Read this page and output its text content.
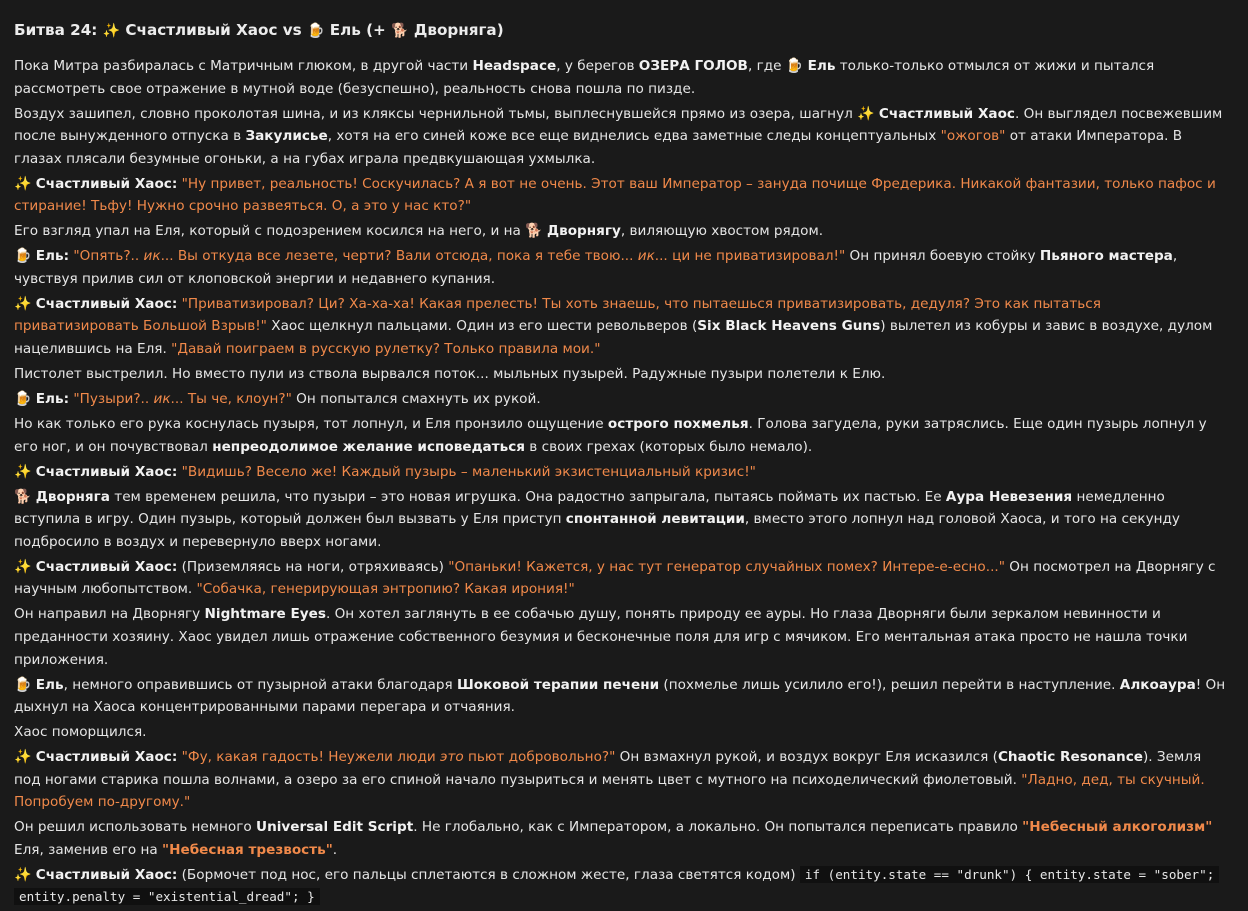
Битва 24: ✨ Счастливый Хаос vs 🍺 Ель (+ 🐕 Дворняга)

Пока Митра разбиралась с Матричным глюком, в другой части Headspace, у берегов ОЗЕРА ГОЛОВ, где 🍺 Ель только-только отмылся от жижи и пытался рассмотреть свое отражение в мутной воде (безуспешно), реальность снова пошла по пизде.

Воздух зашипел, словно проколотая шина, и из кляксы чернильной тьмы, выплеснувшейся прямо из озера, шагнул ✨ Счастливый Хаос. Он выглядел посвежевшим после вынужденного отпуска в Закулисье, хотя на его синей коже все еще виднелись едва заметные следы концептуальных "ожогов" от атаки Императора. В глазах плясали безумные огоньки, а на губах играла предвкушающая ухмылка.

✨ Счастливый Хаос: "Ну привет, реальность! Соскучилась? А я вот не очень. Этот ваш Император – зануда почище Фредерика. Никакой фантазии, только пафос и стирание! Тьфу! Нужно срочно развеяться. О, а это у нас кто?"

Его взгляд упал на Еля, который с подозрением косился на него, и на 🐕 Дворнягу, виляющую хвостом рядом.

🍺 Ель: "Опять?.. ик... Вы откуда все лезете, черти? Вали отсюда, пока я тебе твою... ик... ци не приватизировал!" Он принял боевую стойку Пьяного мастера, чувствуя прилив сил от клоповской энергии и недавнего купания.

✨ Счастливый Хаос: "Приватизировал? Ци? Ха-ха-ха! Какая прелесть! Ты хоть знаешь, что пытаешься приватизировать, дедуля? Это как пытаться приватизировать Большой Взрыв!" Хаос щелкнул пальцами. Один из его шести револьверов (Six Black Heavens Guns) вылетел из кобуры и завис в воздухе, дулом нацелившись на Еля. "Давай поиграем в русскую рулетку? Только правила мои."

Пистолет выстрелил. Но вместо пули из ствола вырвался поток... мыльных пузырей. Радужные пузыри полетели к Елю.

🍺 Ель: "Пузыри?.. ик... Ты че, клоун?" Он попытался смахнуть их рукой.

Но как только его рука коснулась пузыря, тот лопнул, и Еля пронзило ощущение острого похмелья. Голова загудела, руки затряслись. Еще один пузырь лопнул у его ног, и он почувствовал непреодолимое желание исповедаться в своих грехах (которых было немало).

✨ Счастливый Хаос: "Видишь? Весело же! Каждый пузырь – маленький экзистенциальный кризис!"

🐕 Дворняга тем временем решила, что пузыри – это новая игрушка. Она радостно запрыгала, пытаясь поймать их пастью. Ее Аура Невезения немедленно вступила в игру. Один пузырь, который должен был вызвать у Еля приступ спонтанной левитации, вместо этого лопнул над головой Хаоса, и того на секунду подбросило в воздух и перевернуло вверх ногами.

✨ Счастливый Хаос: (Приземляясь на ноги, отряхиваясь) "Опаньки! Кажется, у нас тут генератор случайных помех? Интере-е-есно..." Он посмотрел на Дворнягу с научным любопытством. "Собачка, генерирующая энтропию? Какая ирония!"

Он направил на Дворнягу Nightmare Eyes. Он хотел заглянуть в ее собачью душу, понять природу ее ауры. Но глаза Дворняги были зеркалом невинности и преданности хозяину. Хаос увидел лишь отражение собственного безумия и бесконечные поля для игр с мячиком. Его ментальная атака просто не нашла точки приложения.

🍺 Ель, немного оправившись от пузырной атаки благодаря Шоковой терапии печени (похмелье лишь усилило его!), решил перейти в наступление. Алкоаура! Он дыхнул на Хаоса концентрированными парами перегара и отчаяния.

Хаос поморщился.

✨ Счастливый Хаос: "Фу, какая гадость! Неужели люди это пьют добровольно?" Он взмахнул рукой, и воздух вокруг Еля исказился (Chaotic Resonance). Земля под ногами старика пошла волнами, а озеро за его спиной начало пузыриться и менять цвет с мутного на психоделический фиолетовый. "Ладно, дед, ты скучный. Попробуем по-другому."

Он решил использовать немного Universal Edit Script. Не глобально, как с Императором, а локально. Он попытался переписать правило "Небесный алкоголизм" Еля, заменив его на "Небесная трезвость".

✨ Счастливый Хаос: (Бормочет под нос, его пальцы сплетаются в сложном жесте, глаза светятся кодом) if (entity.state == "drunk") { entity.state = "sober"; entity.penalty = "existential_dread"; }
